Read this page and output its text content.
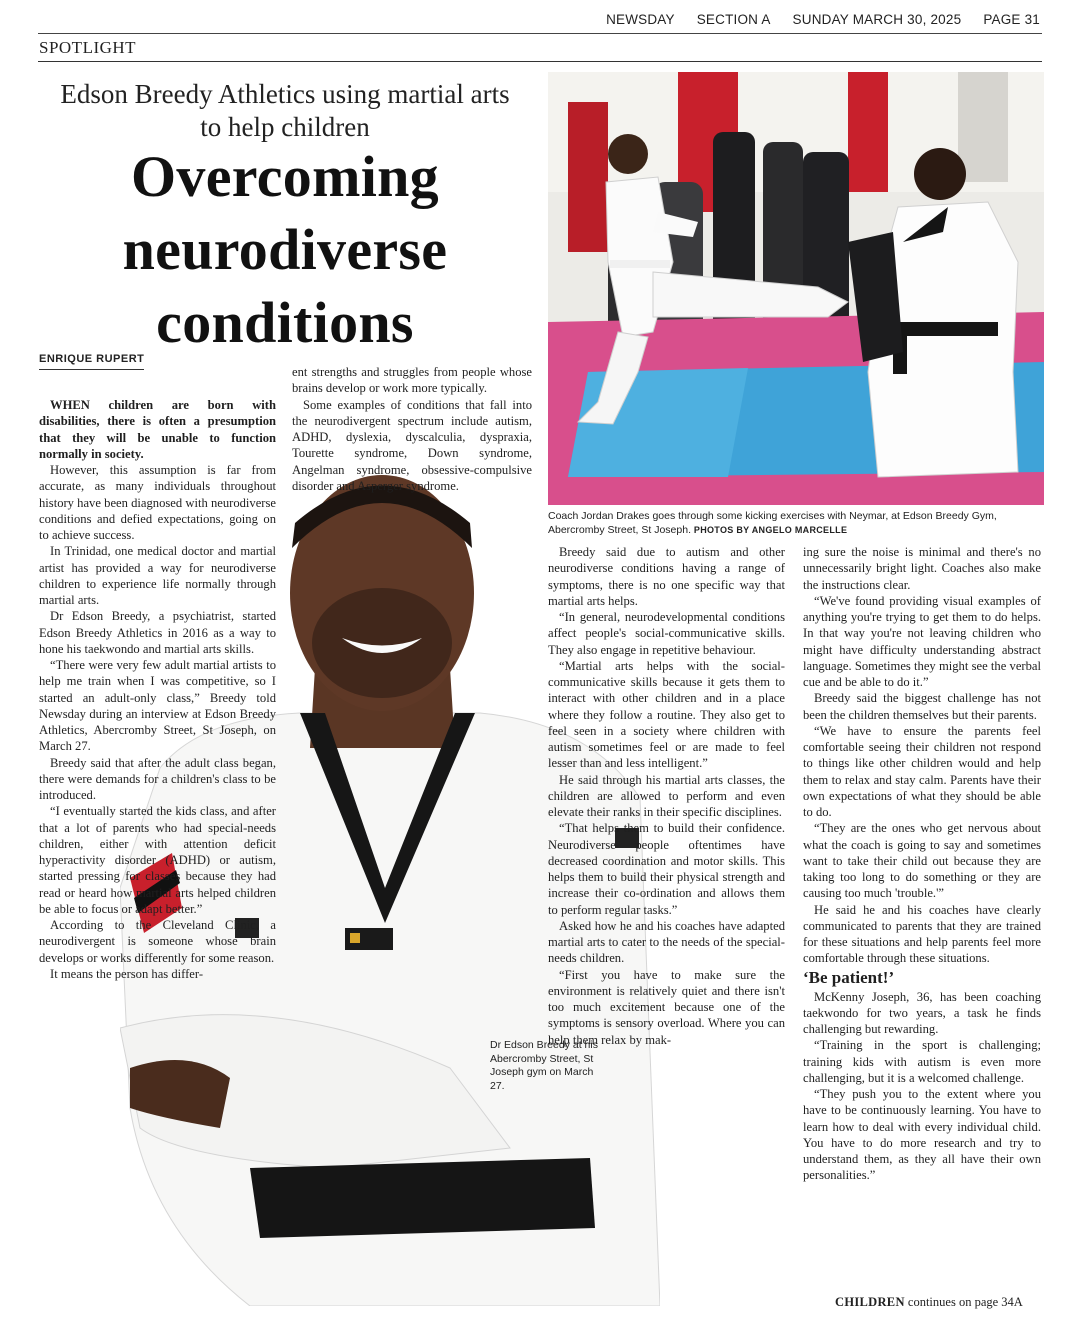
NEWSDAY SECTION A SUNDAY MARCH 30, 2025 PAGE 31
SPOTLIGHT
Edson Breedy Athletics using martial arts to help children
Overcoming neurodiverse conditions
ENRIQUE RUPERT
Coach Jordan Drakes goes through some kicking exercises with Neymar, at Edson Breedy Gym, Abercromby Street, St Joseph. PHOTOS BY ANGELO MARCELLE
Dr Edson Breedy at his Abercromby Street, St Joseph gym on March 27.

WHEN children are born with disabilities, there is often a presumption that they will be unable to function normally in society.

However, this assumption is far from accurate, as many individuals throughout history have been diagnosed with neurodiverse conditions and defied expectations, going on to achieve success.

In Trinidad, one medical doctor and martial artist has provided a way for neurodiverse children to experience life normally through martial arts.

Dr Edson Breedy, a psychiatrist, started Edson Breedy Athletics in 2016 as a way to hone his taekwondo and martial arts skills.

“There were very few adult martial artists to help me train when I was competitive, so I started an adult-only class,” Breedy told Newsday during an interview at Edson Breedy Athletics, Abercromby Street, St Joseph, on March 27.

Breedy said that after the adult class began, there were demands for a children's class to be introduced.

“I eventually started the kids class, and after that a lot of parents who had special-needs children, either with attention deficit hyperactivity disorder (ADHD) or autism, started pressing for classes because they had read or heard how martial arts helped children be able to focus or adapt better.”

According to the Cleveland Clinic, a neurodivergent is someone whose brain develops or works differently for some reason.

It means the person has differ-

ent strengths and struggles from people whose brains develop or work more typically.

Some examples of conditions that fall into the neurodivergent spectrum include autism, ADHD, dyslexia, dyscalculia, dyspraxia, Tourette syndrome, Down syndrome, Angelman syndrome, obsessive-compulsive disorder and Asperger syndrome.

Breedy said due to autism and other neurodiverse conditions having a range of symptoms, there is no one specific way that martial arts helps.

“In general, neurodevelopmental conditions affect people's social-communicative skills. They also engage in repetitive behaviour.

“Martial arts helps with the social-communicative skills because it gets them to interact with other children and in a place where they follow a routine. They also get to feel seen in a society where children with autism sometimes feel or are made to feel lesser than and less intelligent.”

He said through his martial arts classes, the children are allowed to perform and even elevate their ranks in their specific disciplines.

“That helps them to build their confidence. Neurodiverse people oftentimes have decreased coordination and motor skills. This helps them to build their physical strength and increase their co-ordination and allows them to perform regular tasks.”

Asked how he and his coaches have adapted martial arts to cater to the needs of the special-needs children.

“First you have to make sure the environment is relatively quiet and there isn't too much excitement because one of the symptoms is sensory overload. Where you can help them relax by mak-

ing sure the noise is minimal and there's no unnecessarily bright light. Coaches also make the instructions clear.

“We've found providing visual examples of anything you're trying to get them to do helps. In that way you're not leaving children who might have difficulty understanding abstract language. Sometimes they might see the verbal cue and be able to do it.”

Breedy said the biggest challenge has not been the children themselves but their parents.

“We have to ensure the parents feel comfortable seeing their children not respond to things like other children would and help them to relax and stay calm. Parents have their own expectations of what they should be able to do.

“They are the ones who get nervous about what the coach is going to say and sometimes want to take their child out because they are taking too long to do something or they are causing too much 'trouble.'”

He said he and his coaches have clearly communicated to parents that they are trained for these situations and help parents feel more comfortable through these situations.

‘Be patient!’

McKenny Joseph, 36, has been coaching taekwondo for two years, a task he finds challenging but rewarding.

“Training in the sport is challenging; training kids with autism is even more challenging, but it is a welcomed challenge.

“They push you to the extent where you have to be continuously learning. You have to learn how to deal with every individual child. You have to do more research and try to understand them, as they all have their own personalities.”

CHILDREN continues on page 34A
